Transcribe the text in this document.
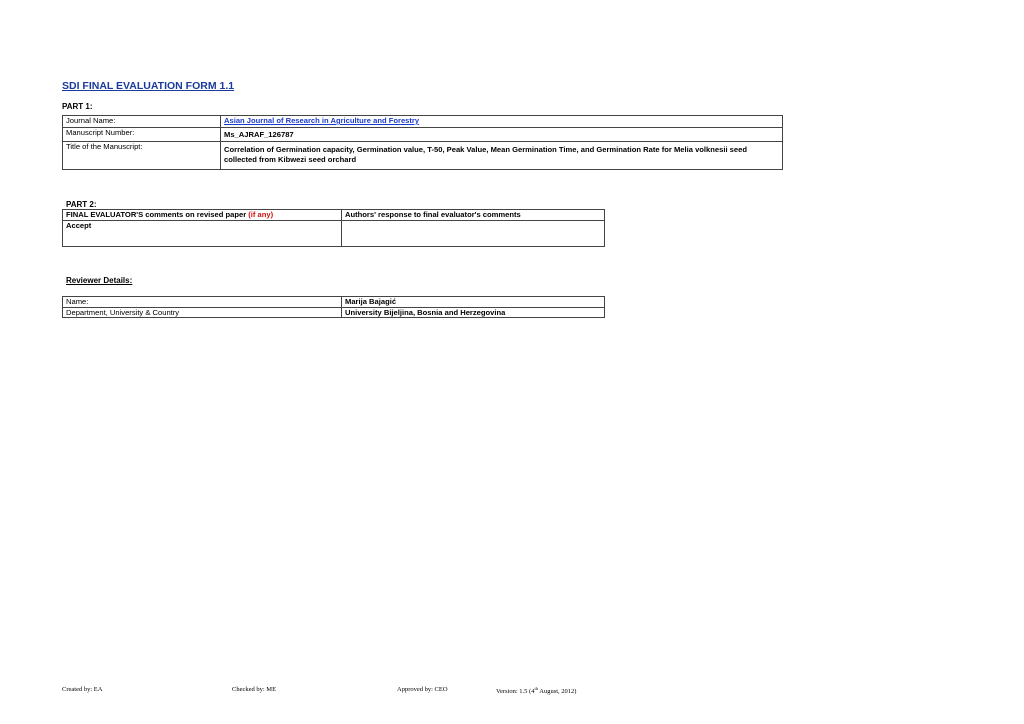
SDI FINAL EVALUATION FORM 1.1
PART 1:
Journal Name:	Asian Journal of Research in Agriculture and Forestry
Manuscript Number:	Ms_AJRAF_126787
Title of the Manuscript:	Correlation of Germination capacity, Germination value, T-50, Peak Value, Mean Germination Time, and Germination Rate for Melia volknesii seed collected from Kibwezi seed orchard
PART 2:
FINAL EVALUATOR'S comments on revised paper (if any)	Authors' response to final evaluator's comments
Accept	
Reviewer Details:
Name:	Marija Bajagić
Department, University & Country	University Bijeljina, Bosnia and Herzegovina
Created by: EA	Checked by: ME	Approved by: CEO	Version: 1.5 (4th August, 2012)
